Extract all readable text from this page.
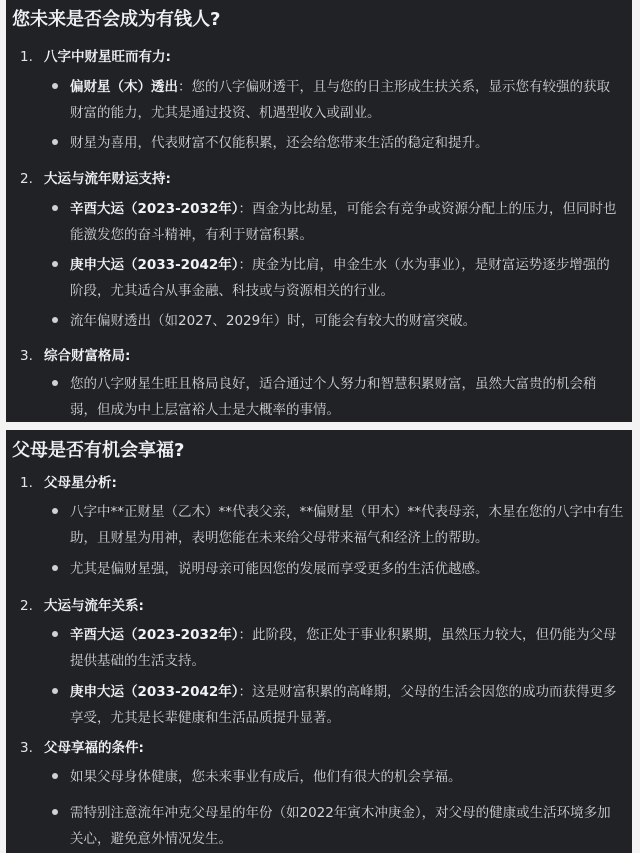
您未来是否会成为有钱人?
1. 八字中财星旺而有力:
偏财星（木）透出：您的八字偏财透干，且与您的日主形成生扶关系，显示您有较强的获取
财富的能力，尤其是通过投资、机遇型收入或副业。
财星为喜用，代表财富不仅能积累，还会给您带来生活的稳定和提升。
2. 大运与流年财运支持:
辛酉大运（2023-2032年）：酉金为比劫星，可能会有竞争或资源分配上的压力，但同时也
能激发您的奋斗精神，有利于财富积累。
庚申大运（2033-2042年）：庚金为比肩，申金生水（水为事业），是财富运势逐步增强的
阶段，尤其适合从事金融、科技或与资源相关的行业。
流年偏财透出（如2027、2029年）时，可能会有较大的财富突破。
3. 综合财富格局:
您的八字财星生旺且格局良好，适合通过个人努力和智慧积累财富，虽然大富贵的机会稍
弱，但成为中上层富裕人士是大概率的事情。
父母是否有机会享福?
1. 父母星分析:
八字中**正财星（乙木）**代表父亲，**偏财星（甲木）**代表母亲，木星在您的八字中有生
助，且财星为用神，表明您能在未来给父母带来福气和经济上的帮助。
尤其是偏财星强，说明母亲可能因您的发展而享受更多的生活优越感。
2. 大运与流年关系:
辛酉大运（2023-2032年）：此阶段，您正处于事业积累期，虽然压力较大，但仍能为父母
提供基础的生活支持。
庚申大运（2033-2042年）：这是财富积累的高峰期，父母的生活会因您的成功而获得更多
享受，尤其是长辈健康和生活品质提升显著。
3. 父母享福的条件:
如果父母身体健康，您未来事业有成后，他们有很大的机会享福。
需特别注意流年冲克父母星的年份（如2022年寅木冲庚金），对父母的健康或生活环境多加
关心，避免意外情况发生。
